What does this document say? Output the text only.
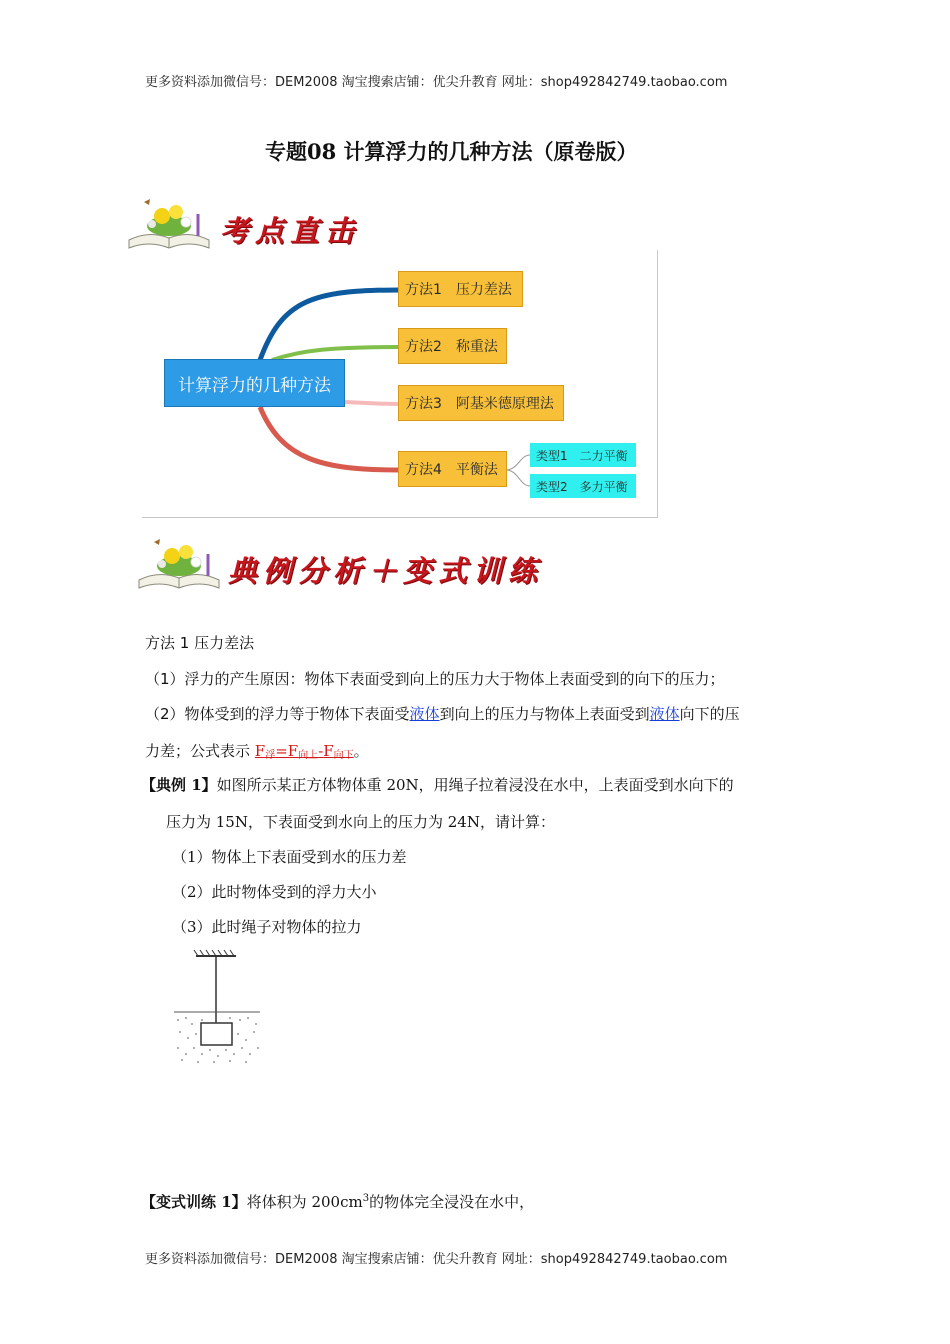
更多资料添加微信号：DEM2008 淘宝搜索店铺：优尖升教育 网址：shop492842749.taobao.com
专题08 计算浮力的几种方法（原卷版）
考点直击
计算浮力的几种方法
方法1 压力差法
方法2 称重法
方法3 阿基米德原理法
方法4 平衡法
类型1 二力平衡
类型2 多力平衡
典例分析＋变式训练
方法 1 压力差法
（1）浮力的产生原因：物体下表面受到向上的压力大于物体上表面受到的向下的压力；
（2）物体受到的浮力等于物体下表面受液体到向上的压力与物体上表面受到液体向下的压
力差；公式表示 $F_浮=F_{向上}-F_{向下}$。
【典例 1】如图所示某正方体物体重 20N，用绳子拉着浸没在水中，上表面受到水向下的
压力为 15N，下表面受到水向上的压力为 24N，请计算：
（1）物体上下表面受到水的压力差
（2）此时物体受到的浮力大小
（3）此时绳子对物体的拉力
【变式训练 1】将体积为 $200cm^3$的物体完全浸没在水中，
更多资料添加微信号：DEM2008 淘宝搜索店铺：优尖升教育 网址：shop492842749.taobao.com
